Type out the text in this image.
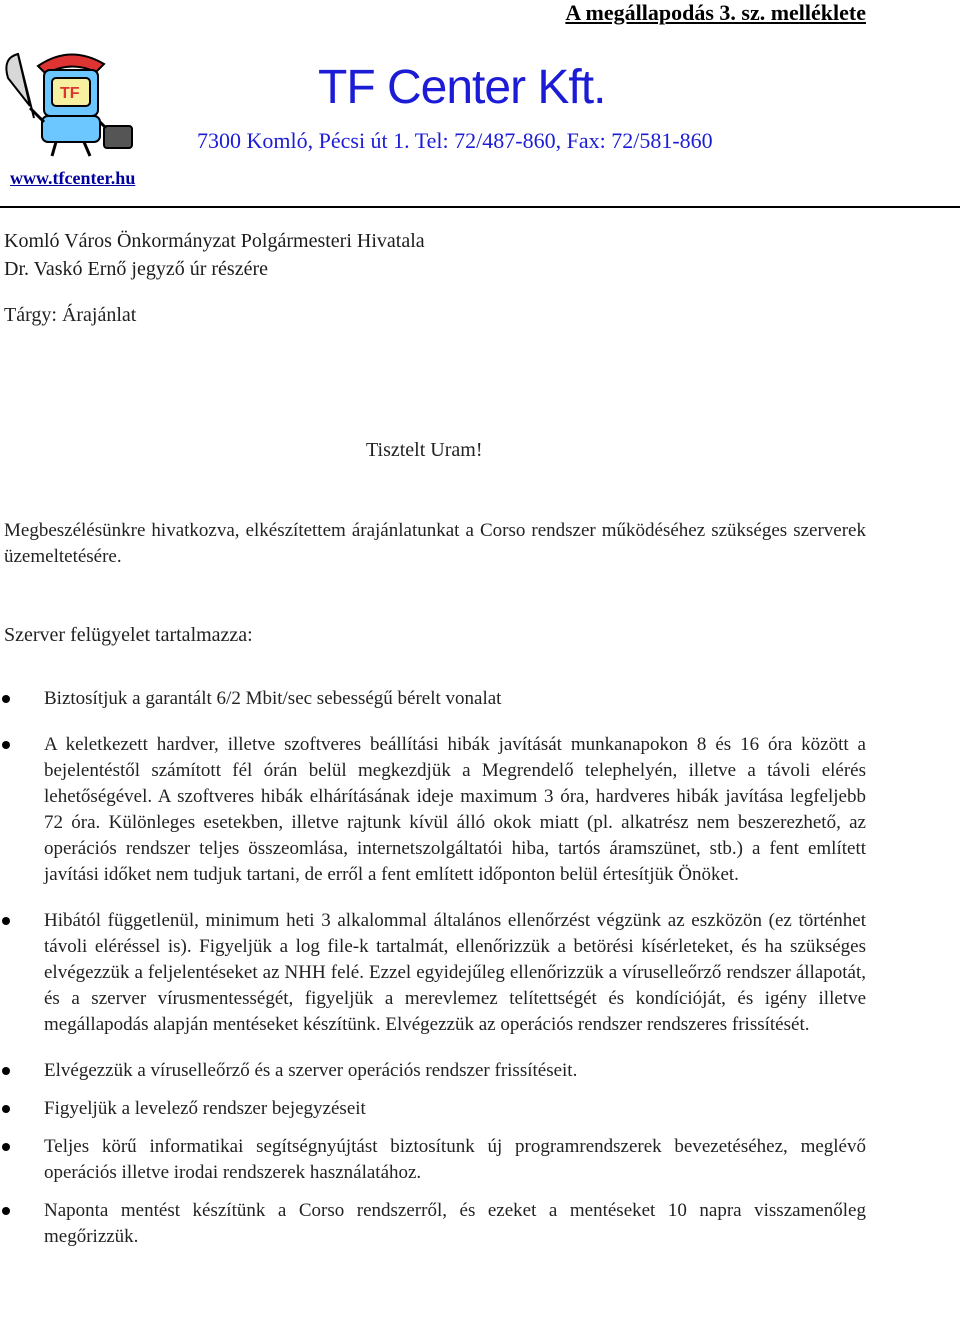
A megállapodás 3. sz. melléklete
TF
www.tfcenter.hu
TF Center Kft.
7300 Komló, Pécsi út 1. Tel: 72/487-860, Fax: 72/581-860
Komló Város Önkormányzat Polgármesteri Hivatala
Dr. Vaskó Ernő jegyző úr részére
Tárgy: Árajánlat
Tisztelt Uram!
Megbeszélésünkre hivatkozva, elkészítettem árajánlatunkat a Corso rendszer működéséhez szükséges szerverek üzemeltetésére.
Szerver felügyelet tartalmazza:
Biztosítjuk a garantált 6/2 Mbit/sec sebességű bérelt vonalat
A keletkezett hardver, illetve szoftveres beállítási hibák javítását munkanapokon 8 és 16 óra között a bejelentéstől számított fél órán belül megkezdjük a Megrendelő telephelyén, illetve a távoli elérés lehetőségével. A szoftveres hibák elhárításának ideje maximum 3 óra, hardveres hibák javítása legfeljebb 72 óra. Különleges esetekben, illetve rajtunk kívül álló okok miatt (pl. alkatrész nem beszerezhető, az operációs rendszer teljes összeomlása, internetszolgáltatói hiba, tartós áramszünet, stb.) a fent említett javítási időket nem tudjuk tartani, de erről a fent említett időponton belül értesítjük Önöket.
Hibától függetlenül, minimum heti 3 alkalommal általános ellenőrzést végzünk az eszközön (ez történhet távoli eléréssel is). Figyeljük a log file-k tartalmát, ellenőrizzük a betörési kísérleteket, és ha szükséges elvégezzük a feljelentéseket az NHH felé. Ezzel egyidejűleg ellenőrizzük a víruselleőrző rendszer állapotát, és a szerver vírusmentességét, figyeljük a merevlemez telítettségét és kondícióját, és igény illetve megállapodás alapján mentéseket készítünk. Elvégezzük az operációs rendszer rendszeres frissítését.
Elvégezzük a víruselleőrző és a szerver operációs rendszer frissítéseit.
Figyeljük a levelező rendszer bejegyzéseit
Teljes körű informatikai segítségnyújtást biztosítunk új programrendszerek bevezetéséhez, meglévő operációs illetve irodai rendszerek használatához.
Naponta mentést készítünk a Corso rendszerről, és ezeket a mentéseket 10 napra visszamenőleg megőrizzük.
